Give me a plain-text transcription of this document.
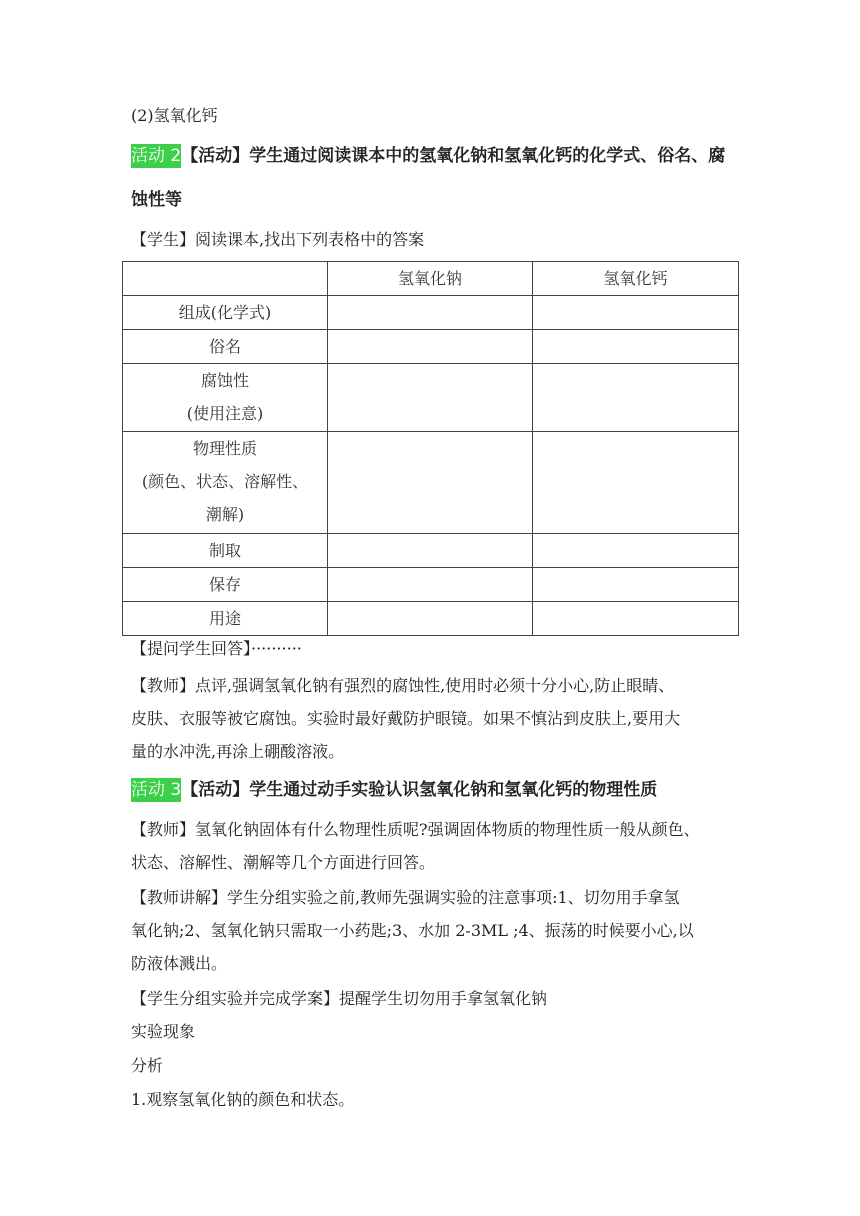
(2)氢氧化钙
活动 2【活动】学生通过阅读课本中的氢氧化钠和氢氧化钙的化学式、俗名、腐
蚀性等
【学生】阅读课本,找出下列表格中的答案
	氢氧化钠	氢氧化钙

组成(化学式)		

俗名		

腐蚀性
(使用注意)		

物理性质
(颜色、状态、溶解性、
潮解)		

制取		

保存		

用途		

【提问学生回答】··········
【教师】点评,强调氢氧化钠有强烈的腐蚀性,使用时必须十分小心,防止眼睛、
皮肤、衣服等被它腐蚀。实验时最好戴防护眼镜。如果不慎沾到皮肤上,要用大
量的水冲洗,再涂上硼酸溶液。
活动 3【活动】学生通过动手实验认识氢氧化钠和氢氧化钙的物理性质
【教师】氢氧化钠固体有什么物理性质呢?强调固体物质的物理性质一般从颜色、
状态、溶解性、潮解等几个方面进行回答。
【教师讲解】学生分组实验之前,教师先强调实验的注意事项:1、切勿用手拿氢
氧化钠;2、氢氧化钠只需取一小药匙;3、水加 2-3ML ;4、振荡的时候要小心,以
防液体溅出。
【学生分组实验并完成学案】提醒学生切勿用手拿氢氧化钠
实验现象
分析
1.观察氢氧化钠的颜色和状态。
